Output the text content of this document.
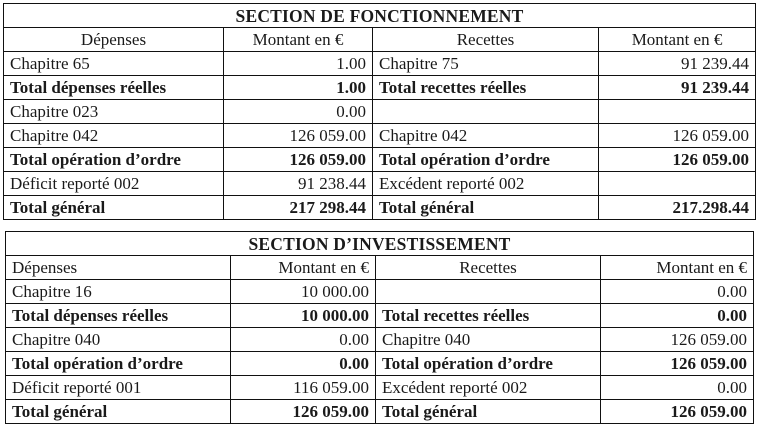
SECTION DE FONCTIONNEMENT			
Dépenses	Montant en €	Recettes	Montant en €
Chapitre 65	1.00	Chapitre 75	91 239.44
Total dépenses réelles	1.00	Total recettes réelles	91 239.44
Chapitre 023	0.00		
Chapitre 042	126 059.00	Chapitre 042	126 059.00
Total opération d’ordre	126 059.00	Total opération d’ordre	126 059.00
Déficit reporté 002	91 238.44	Excédent reporté 002	
Total général	217 298.44	Total général	217.298.44
SECTION D’INVESTISSEMENT			
Dépenses	Montant en €	Recettes	Montant en €
Chapitre 16	10 000.00		0.00
Total dépenses réelles	10 000.00	Total recettes réelles	0.00
Chapitre 040	0.00	Chapitre 040	126 059.00
Total opération d’ordre	0.00	Total opération d’ordre	126 059.00
Déficit reporté 001	116 059.00	Excédent reporté 002	0.00
Total général	126 059.00	Total général	126 059.00
